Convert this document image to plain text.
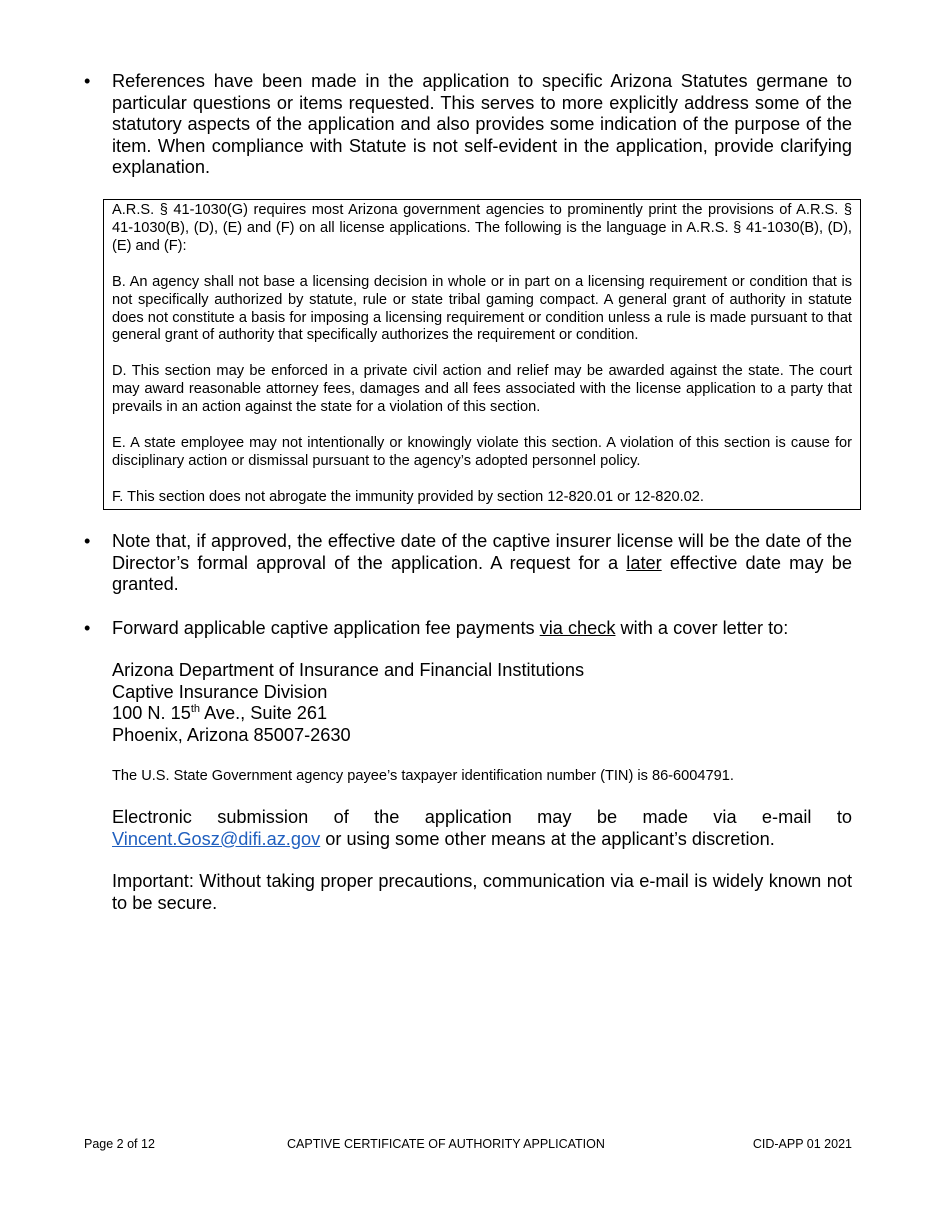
•	References have been made in the application to specific Arizona Statutes germane to particular questions or items requested. This serves to more explicitly address some of the statutory aspects of the application and also provides some indication of the purpose of the item. When compliance with Statute is not self-evident in the application, provide clarifying explanation.

A.R.S. § 41-1030(G) requires most Arizona government agencies to prominently print the provisions of A.R.S. § 41-1030(B), (D), (E) and (F) on all license applications. The following is the language in A.R.S. § 41-1030(B), (D), (E) and (F):

B. An agency shall not base a licensing decision in whole or in part on a licensing requirement or condition that is not specifically authorized by statute, rule or state tribal gaming compact. A general grant of authority in statute does not constitute a basis for imposing a licensing requirement or condition unless a rule is made pursuant to that general grant of authority that specifically authorizes the requirement or condition.

D. This section may be enforced in a private civil action and relief may be awarded against the state. The court may award reasonable attorney fees, damages and all fees associated with the license application to a party that prevails in an action against the state for a violation of this section.

E. A state employee may not intentionally or knowingly violate this section. A violation of this section is cause for disciplinary action or dismissal pursuant to the agency’s adopted personnel policy.

F. This section does not abrogate the immunity provided by section 12-820.01 or 12-820.02.

•	Note that, if approved, the effective date of the captive insurer license will be the date of the Director’s formal approval of the application. A request for a later effective date may be granted.
•	Forward applicable captive application fee payments via check with a cover letter to:
Arizona Department of Insurance and Financial Institutions
Captive Insurance Division
100 N. 15th Ave., Suite 261
Phoenix, Arizona 85007-2630
The U.S. State Government agency payee’s taxpayer identification number (TIN) is 86-6004791.
Electronic submission of the application may be made via e-mail to Vincent.Gosz@difi.az.gov or using some other means at the applicant’s discretion.
Important: Without taking proper precautions, communication via e-mail is widely known not to be secure.
Page 2 of 12	CAPTIVE CERTIFICATE OF AUTHORITY APPLICATION	CID-APP 01 2021
